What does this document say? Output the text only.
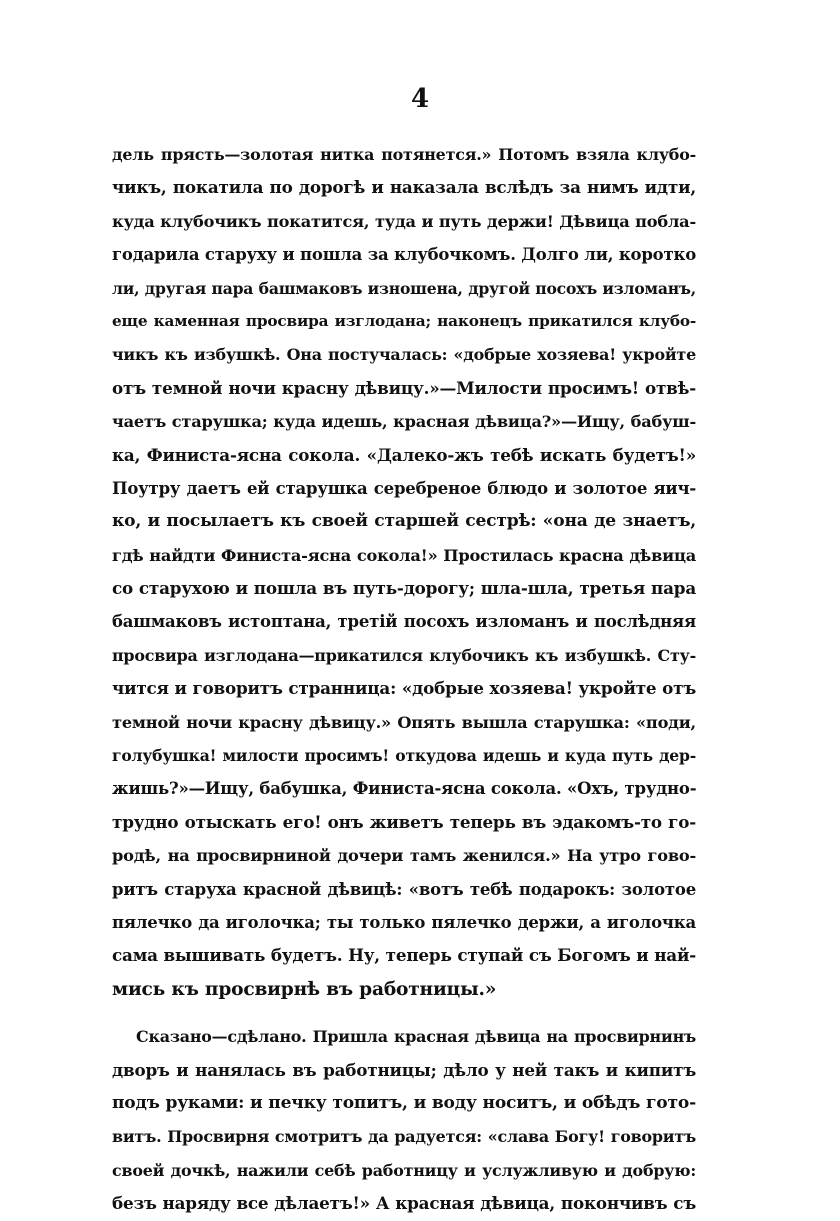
4
дель прясть—золотая нитка потянется.» Потомъ взяла клубо-
чикъ, покатила по дорогѣ и наказала вслѣдъ за нимъ идти,
куда клубочикъ покатится, туда и путь держи! Дѣвица побла-
годарила старуху и пошла за клубочкомъ. Долго ли, коротко
ли, другая пара башмаковъ изношена, другой посохъ изломанъ,
еще каменная просвира изглодана; наконецъ прикатился клубо-
чикъ къ избушкѣ. Она постучалась: «добрые хозяева! укройте
отъ темной ночи красну дѣвицу.»—Милости просимъ! отвѣ-
чаетъ старушка; куда идешь, красная дѣвица?»—Ищу, бабуш-
ка, Финиста-ясна сокола. «Далеко-жъ тебѣ искать будетъ!»
Поутру даетъ ей старушка серебреное блюдо и золотое яич-
ко, и посылаетъ къ своей старшей сестрѣ: «она де знаетъ,
гдѣ найдти Финиста-ясна сокола!» Простилась красна дѣвица
со старухою и пошла въ путь-дорогу; шла-шла, третья пара
башмаковъ истоптана, третій посохъ изломанъ и послѣдняя
просвира изглодана—прикатился клубочикъ къ избушкѣ. Сту-
чится и говоритъ странница: «добрые хозяева! укройте отъ
темной ночи красну дѣвицу.» Опять вышла старушка: «поди,
голубушка! милости просимъ! откудова идешь и куда путь дер-
жишь?»—Ищу, бабушка, Финиста-ясна сокола. «Охъ, трудно-
трудно отыскать его! онъ живетъ теперь въ эдакомъ-то го-
родѣ, на просвирниной дочери тамъ женился.» На утро гово-
ритъ старуха красной дѣвицѣ: «вотъ тебѣ подарокъ: золотое
пялечко да иголочка; ты только пялечко держи, а иголочка
сама вышивать будетъ. Ну, теперь ступай съ Богомъ и най-
мись къ просвирнѣ въ работницы.»
Сказано—сдѣлано. Пришла красная дѣвица на просвирнинъ
дворъ и нанялась въ работницы; дѣло у ней такъ и кипитъ
подъ руками: и печку топитъ, и воду носитъ, и обѣдъ гото-
витъ. Просвирня смотритъ да радуется: «слава Богу! говоритъ
своей дочкѣ, нажили себѣ работницу и услужливую и добрую:
безъ наряду все дѣлаетъ!» А красная дѣвица, покончивъ съ
